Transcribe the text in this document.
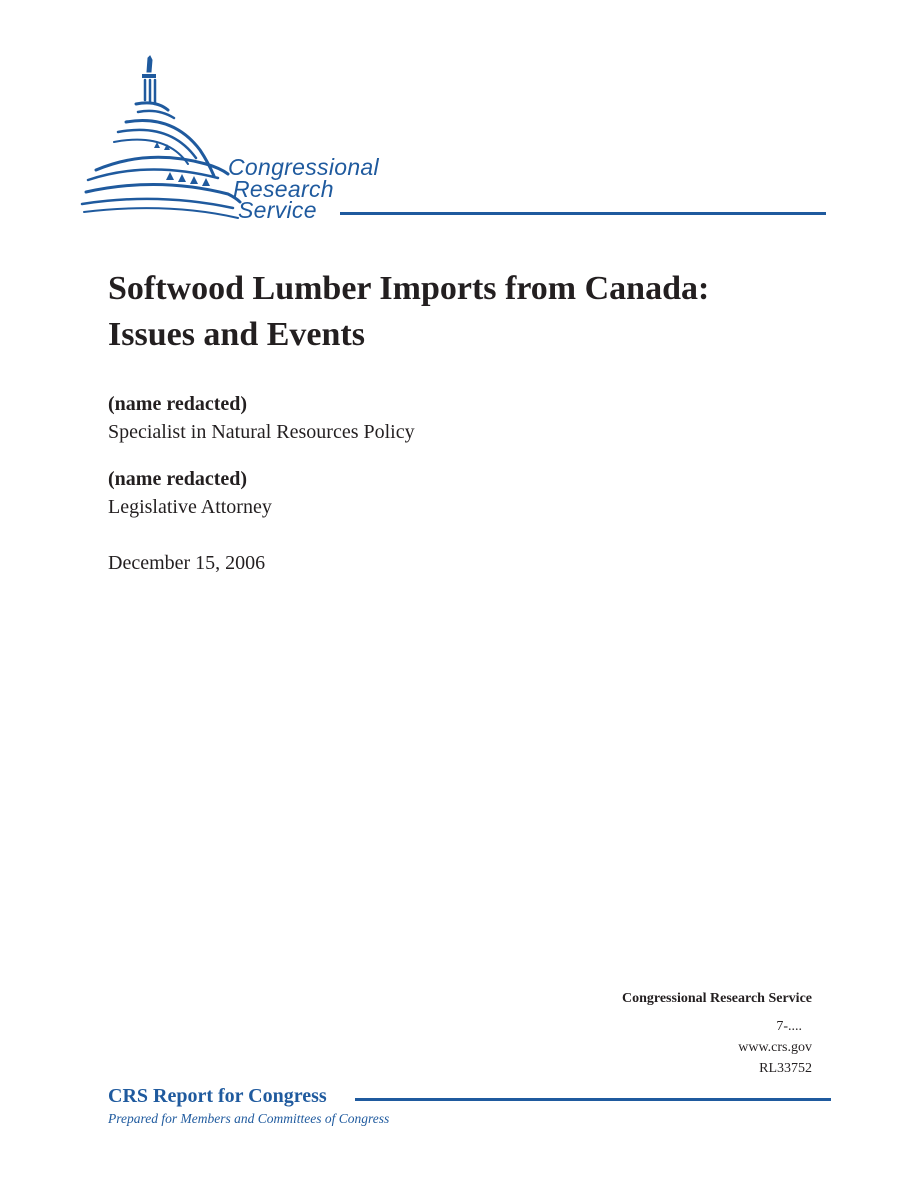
Congressional
Research
Service
Softwood Lumber Imports from Canada:
Issues and Events
(name redacted)
Specialist in Natural Resources Policy
(name redacted)
Legislative Attorney
December 15, 2006
Congressional Research Service
7-....
www.crs.gov
RL33752
CRS Report for Congress
Prepared for Members and Committees of Congress
